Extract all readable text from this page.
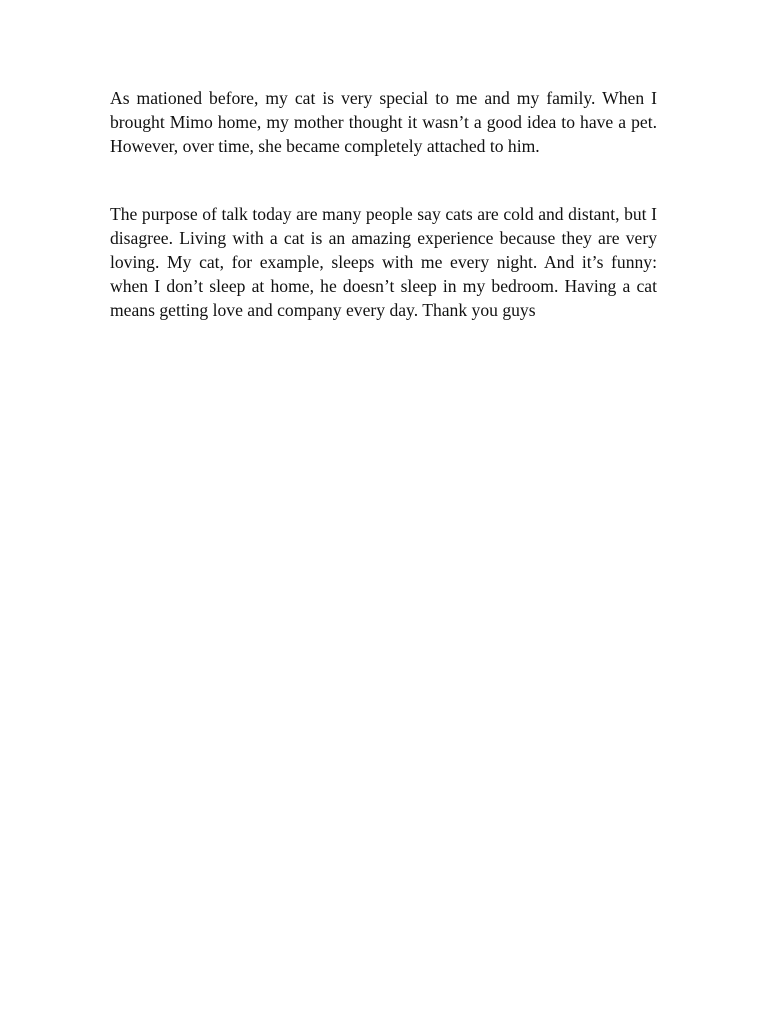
As mationed before, my cat is very special to me and my family. When I brought Mimo home, my mother thought it wasn’t a good idea to have a pet. However, over time, she became completely attached to him.

The purpose of talk today are many people say cats are cold and distant, but I disagree. Living with a cat is an amazing experience because they are very loving. My cat, for example, sleeps with me every night. And it’s funny: when I don’t sleep at home, he doesn’t sleep in my bedroom. Having a cat means getting love and company every day. Thank you guys
